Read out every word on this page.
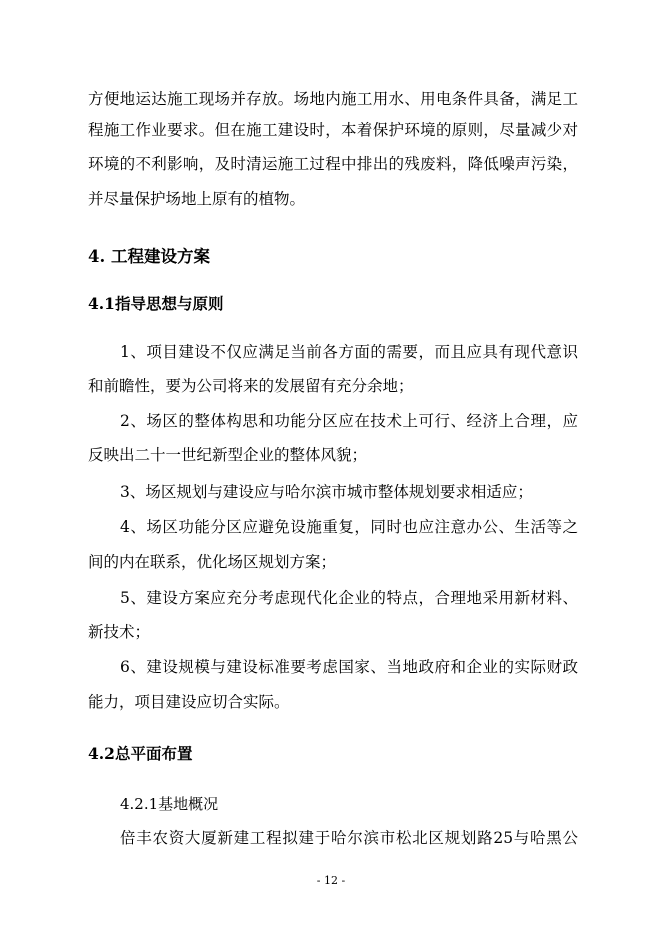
方便地运达施工现场并存放。场地内施工用水、用电条件具备，满足工
程施工作业要求。但在施工建设时，本着保护环境的原则，尽量减少对
环境的不利影响，及时清运施工过程中排出的残废料，降低噪声污染，
并尽量保护场地上原有的植物。
4. 工程建设方案
4.1指导思想与原则
1、项目建设不仅应满足当前各方面的需要，而且应具有现代意识
和前瞻性，要为公司将来的发展留有充分余地；
2、场区的整体构思和功能分区应在技术上可行、经济上合理，应
反映出二十一世纪新型企业的整体风貌；
3、场区规划与建设应与哈尔滨市城市整体规划要求相适应；
4、场区功能分区应避免设施重复，同时也应注意办公、生活等之
间的内在联系，优化场区规划方案；
5、建设方案应充分考虑现代化企业的特点，合理地采用新材料、
新技术；
6、建设规模与建设标准要考虑国家、当地政府和企业的实际财政
能力，项目建设应切合实际。
4.2总平面布置
4.2.1基地概况
倍丰农资大厦新建工程拟建于哈尔滨市松北区规划路25与哈黑公
- 12 -
